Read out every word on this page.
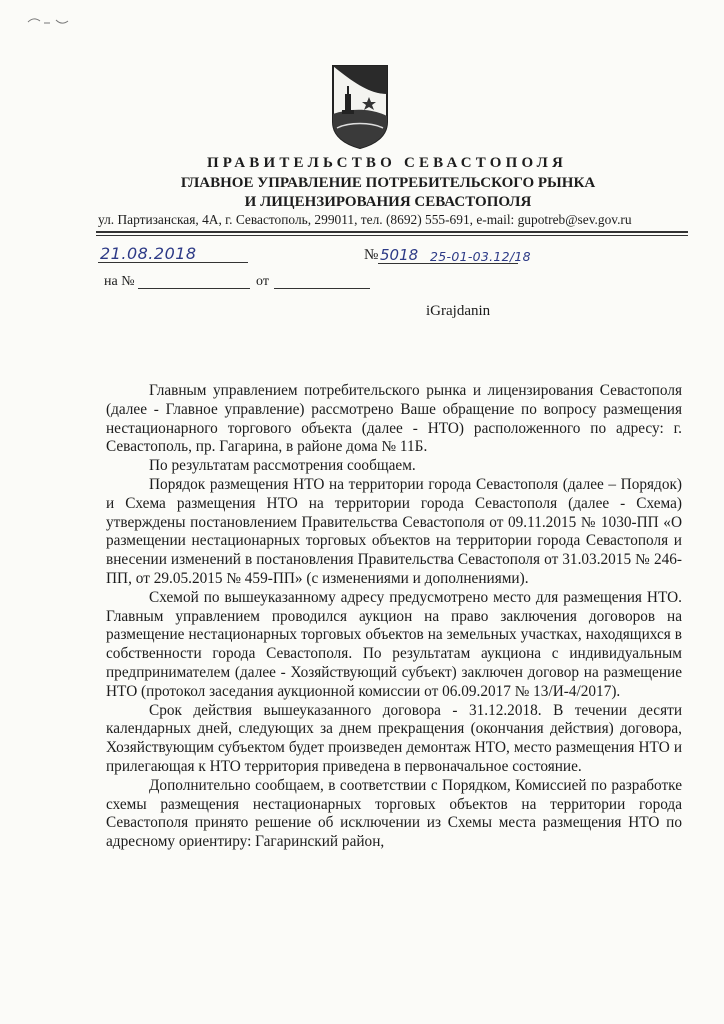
ПРАВИТЕЛЬСТВО СЕВАСТОПОЛЯ
ГЛАВНОЕ УПРАВЛЕНИЕ ПОТРЕБИТЕЛЬСКОГО РЫНКА
И ЛИЦЕНЗИРОВАНИЯ СЕВАСТОПОЛЯ
ул. Партизанская, 4А, г. Севастополь, 299011, тел. (8692) 555-691, e-mail: gupotreb@sev.gov.ru
21.08.2018	№ 5018 25-01-03.12/18
на №	от
iGrajdanin

Главным управлением потребительского рынка и лицензирования Севастополя (далее - Главное управление) рассмотрено Ваше обращение по вопросу размещения нестационарного торгового объекта (далее - НТО) расположенного по адресу: г. Севастополь, пр. Гагарина, в районе дома № 11Б.

По результатам рассмотрения сообщаем.

Порядок размещения НТО на территории города Севастополя (далее – Порядок) и Схема размещения НТО на территории города Севастополя (далее - Схема) утверждены постановлением Правительства Севастополя от 09.11.2015 № 1030-ПП «О размещении нестационарных торговых объектов на территории города Севастополя и внесении изменений в постановления Правительства Севастополя от 31.03.2015 № 246-ПП, от 29.05.2015 № 459-ПП» (с изменениями и дополнениями).

Схемой по вышеуказанному адресу предусмотрено место для размещения НТО. Главным управлением проводился аукцион на право заключения договоров на размещение нестационарных торговых объектов на земельных участках, находящихся в собственности города Севастополя. По результатам аукциона с индивидуальным предпринимателем (далее - Хозяйствующий субъект) заключен договор на размещение НТО (протокол заседания аукционной комиссии от 06.09.2017 № 13/И-4/2017).

Срок действия вышеуказанного договора - 31.12.2018. В течении десяти календарных дней, следующих за днем прекращения (окончания действия) договора, Хозяйствующим субъектом будет произведен демонтаж НТО, место размещения НТО и прилегающая к НТО территория приведена в первоначальное состояние.

Дополнительно сообщаем, в соответствии с Порядком, Комиссией по разработке схемы размещения нестационарных торговых объектов на территории города Севастополя принято решение об исключении из Схемы места размещения НТО по адресному ориентиру: Гагаринский район,
